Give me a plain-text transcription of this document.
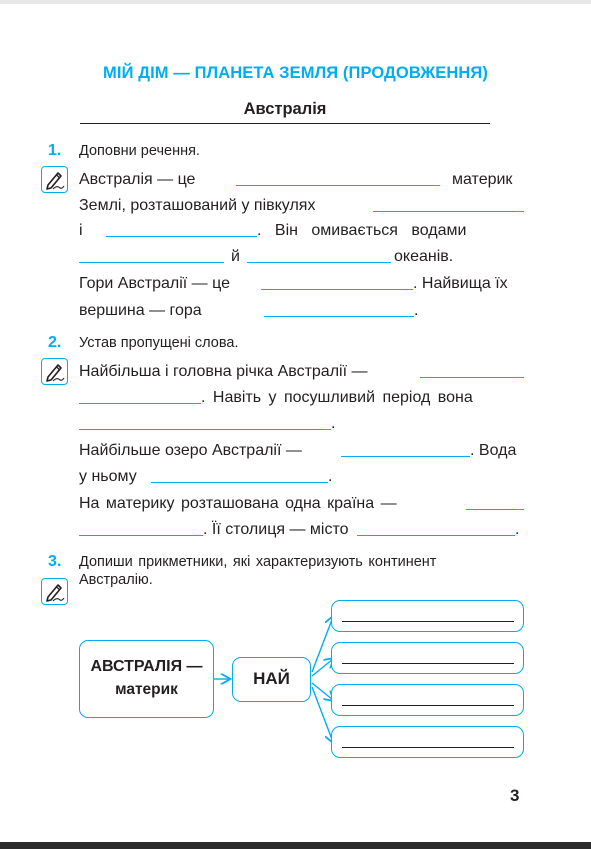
МІЙ ДІМ — ПЛАНЕТА ЗЕМЛЯ (ПРОДОВЖЕННЯ)
Австралія
1. Доповни речення.
Австралія — це	материк
Землі, розташований у півкулях
і	. Він омивається водами
й	океанів.
Гори Австралії — це	. Найвища їх
вершина — гора	.
2. Устав пропущені слова.
Найбільша і головна річка Австралії —
. Навіть у посушливий період вона
.
Найбільше озеро Австралії —	. Вода
у ньому	.
На материку розташована одна країна —
. Її столиця — місто	.
3. Допиши прикметники, які характеризують континент
Австралію.
АВСТРАЛІЯ —
материк
НАЙ
3
